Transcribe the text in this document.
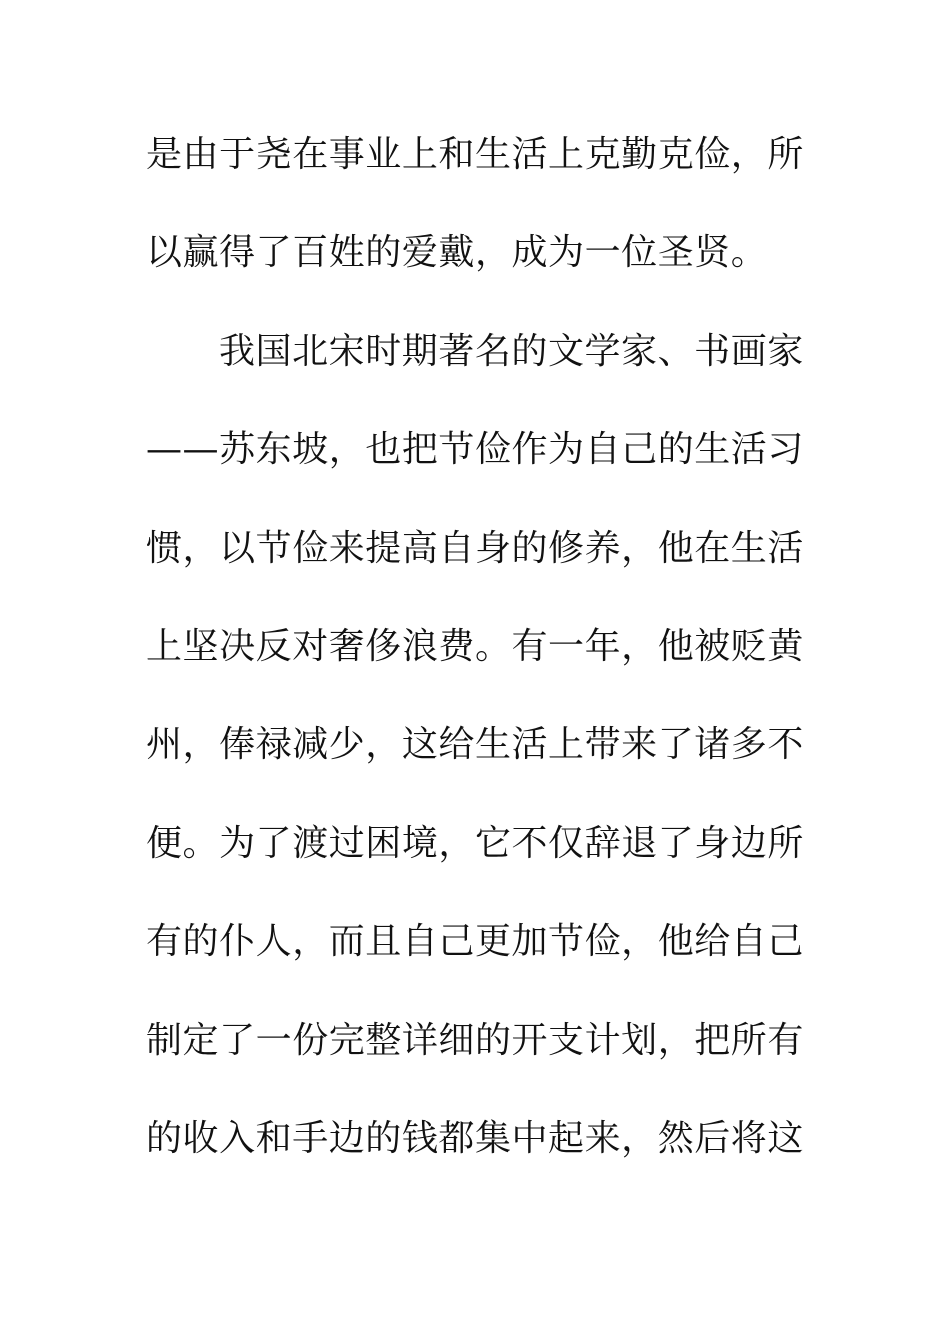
是由于尧在事业上和生活上克勤克俭，所
以赢得了百姓的爱戴，成为一位圣贤。
我国北宋时期著名的文学家、书画家
——苏东坡，也把节俭作为自己的生活习
惯，以节俭来提高自身的修养，他在生活
上坚决反对奢侈浪费。有一年，他被贬黄
州，俸禄减少，这给生活上带来了诸多不
便。为了渡过困境，它不仅辞退了身边所
有的仆人，而且自己更加节俭，他给自己
制定了一份完整详细的开支计划，把所有
的收入和手边的钱都集中起来，然后将这
